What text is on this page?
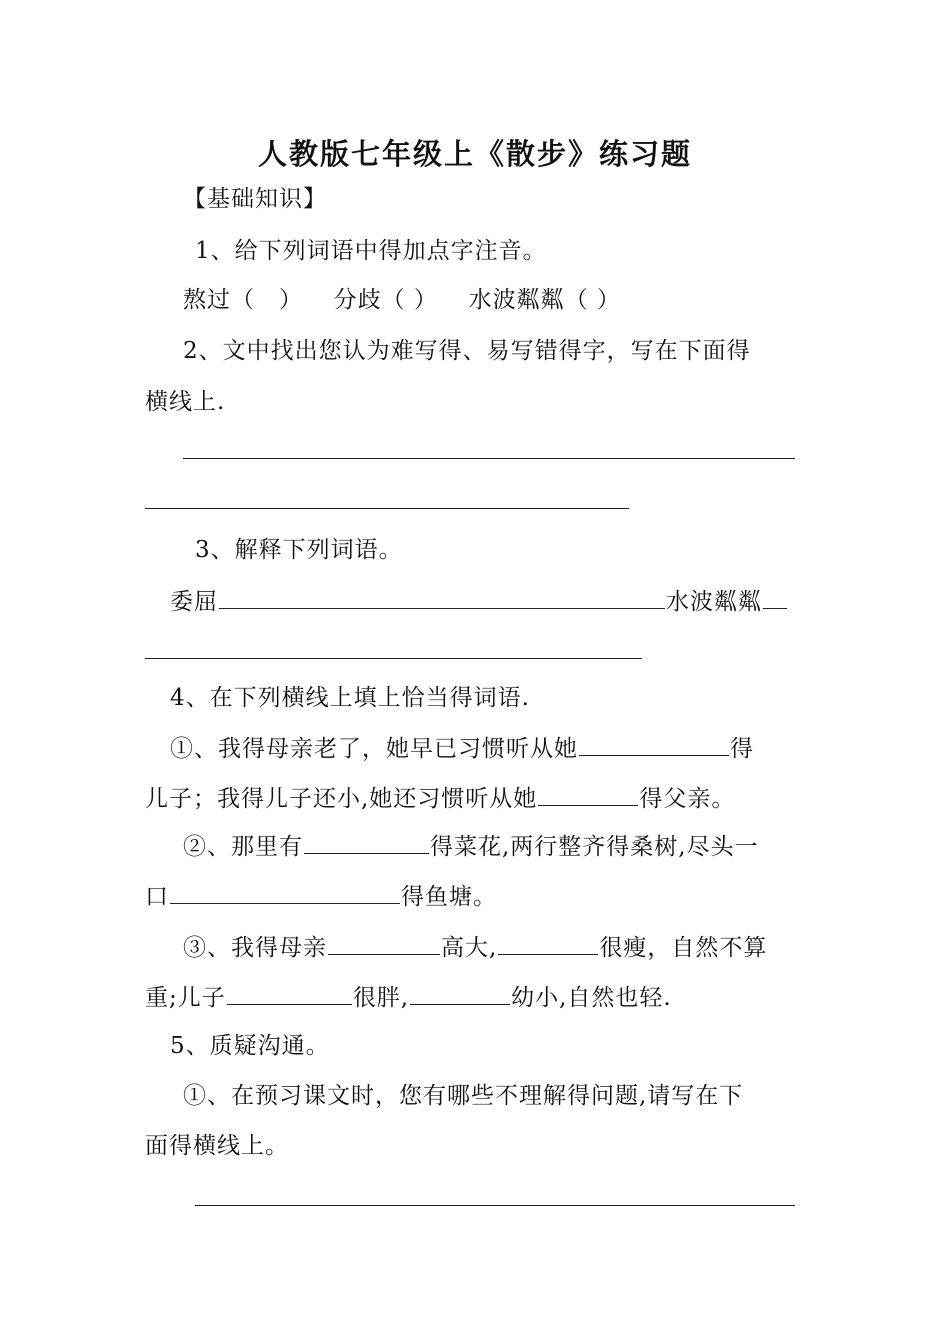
人教版七年级上《散步》练习题
【基础知识】
1、给下列词语中得加点字注音。
熬过（　） 分歧（ ） 水波粼粼（ ）
2、文中找出您认为难写得、易写错得字，写在下面得
横线上.
3、解释下列词语。
委屈	水波粼粼
4、在下列横线上填上恰当得词语.
①、我得母亲老了，她早已习惯听从她	得
儿子；我得儿子还小,她还习惯听从她	得父亲。
②、那里有	得菜花,两行整齐得桑树,尽头一
口	得鱼塘。
③、我得母亲	高大,	很瘦，自然不算
重;儿子	很胖,	幼小,自然也轻.
5、质疑沟通。
①、在预习课文时，您有哪些不理解得问题,请写在下
面得横线上。
